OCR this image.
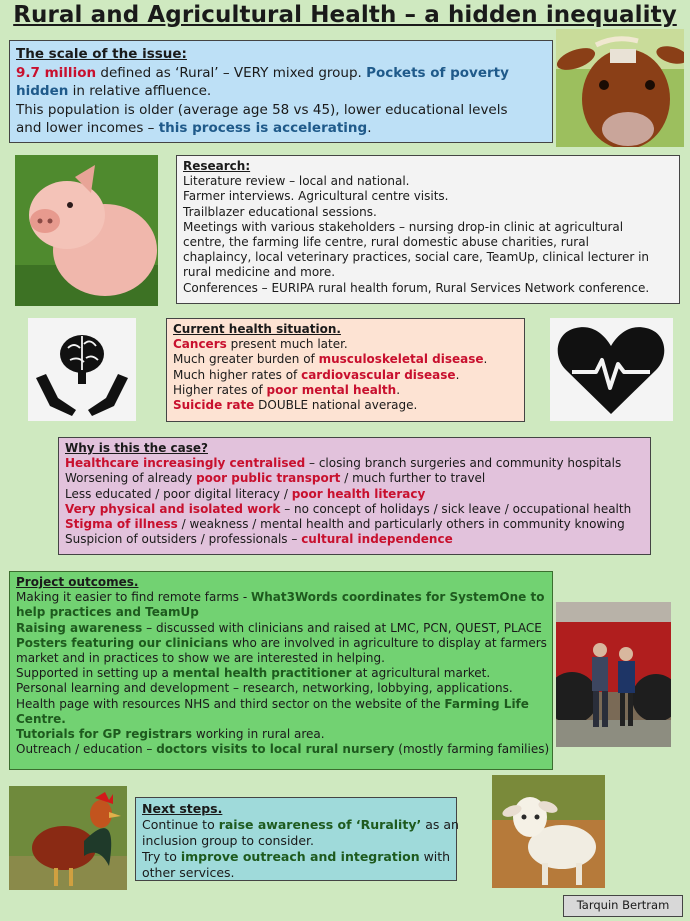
Rural and Agricultural Health – a hidden inequality
The scale of the issue:
9.7 million defined as ‘Rural’ – VERY mixed group. Pockets of poverty
hidden in relative affluence.
This population is older (average age 58 vs 45), lower educational levels
and lower incomes – this process is accelerating.
Research:
Literature review – local and national.
Farmer interviews. Agricultural centre visits.
Trailblazer educational sessions.
Meetings with various stakeholders – nursing drop-in clinic at agricultural
centre, the farming life centre, rural domestic abuse charities, rural
chaplaincy, local veterinary practices, social care, TeamUp, clinical lecturer in
rural medicine and more.
Conferences – EURIPA rural health forum, Rural Services Network conference.
Current health situation.
Cancers present much later.
Much greater burden of musculoskeletal disease.
Much higher rates of cardiovascular disease.
Higher rates of poor mental health.
Suicide rate DOUBLE national average.
Why is this the case?
Healthcare increasingly centralised – closing branch surgeries and community hospitals
Worsening of already poor public transport / much further to travel
Less educated / poor digital literacy / poor health literacy
Very physical and isolated work – no concept of holidays / sick leave / occupational health
Stigma of illness / weakness / mental health and particularly others in community knowing
Suspicion of outsiders / professionals – cultural independence
Project outcomes.
Making it easier to find remote farms - What3Words coordinates for SystemOne to
help practices and TeamUp
Raising awareness – discussed with clinicians and raised at LMC, PCN, QUEST, PLACE
Posters featuring our clinicians who are involved in agriculture to display at farmers
market and in practices to show we are interested in helping.
Supported in setting up a mental health practitioner at agricultural market.
Personal learning and development – research, networking, lobbying, applications.
Health page with resources NHS and third sector on the website of the Farming Life
Centre.
Tutorials for GP registrars working in rural area.
Outreach / education – doctors visits to local rural nursery (mostly farming families)
Next steps.
Continue to raise awareness of ‘Rurality’ as an
inclusion group to consider.
Try to improve outreach and integration with
other services.
Tarquin Bertram
